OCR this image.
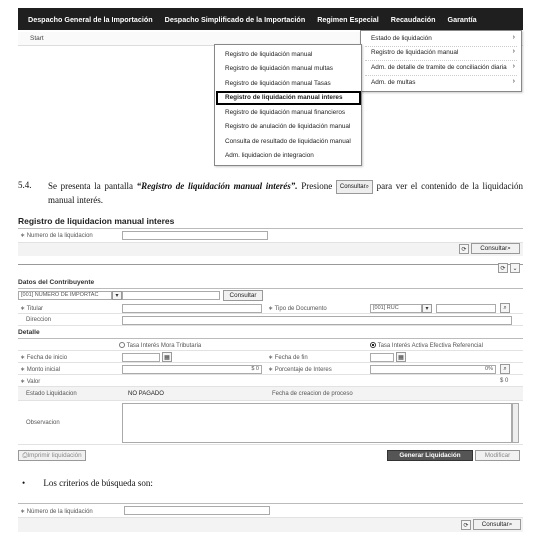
Despacho General de la Importación	Despacho Simplificado de la Importación	Regimen Especial	Recaudación	Garantía
Start	Estado de liquidación	›
Registro de liquidación manual	›
Adm. de detalle de tramite de conciliación diaria ›
Adm. de multas	›
Registro de liquidación manual
Registro de liquidación manual multas
Registro de liquidación manual Tasas
Registro de liquidación manual interes
Registro de liquidación manual financieros
Registro de anulación de liquidación manual
Consulta de resultado de liquidación manual
Adm. liquidacion de integracion
5.4. Se presenta la pantalla “Registro de liquidación manual interés”. Presione Consultar⌕ para ver el contenido de la liquidación manual interés.
Registro de liquidacion manual interes
∗ Numero de la liquidacion
⟳	Consultar ⌕
⟳	⌄
Datos del Contribuyente
[001] NUMERO DE IMPORTAC	▾	Consultar
∗ Titular	∗ Tipo de Documento	[001] RUC	▾	⌕
Direccion
Detalle
Tasa Interés Mora Tributaria	Tasa Interés Activa Efectiva Referencial
∗ Fecha de inicio	▦	∗ Fecha de fin	▦
∗ Monto inicial	$ 0	∗ Porcentaje de Interes	0%	⌕
∗ Valor	$ 0
Estado Liquidacion	NO PAGADO	Fecha de creacion de proceso
Observacion
⎙ Imprimir liquidación	Generar Liquidación	Modificar
• Los criterios de búsqueda son:
∗ Número de la liquidación
⟳	Consultar ⌕
